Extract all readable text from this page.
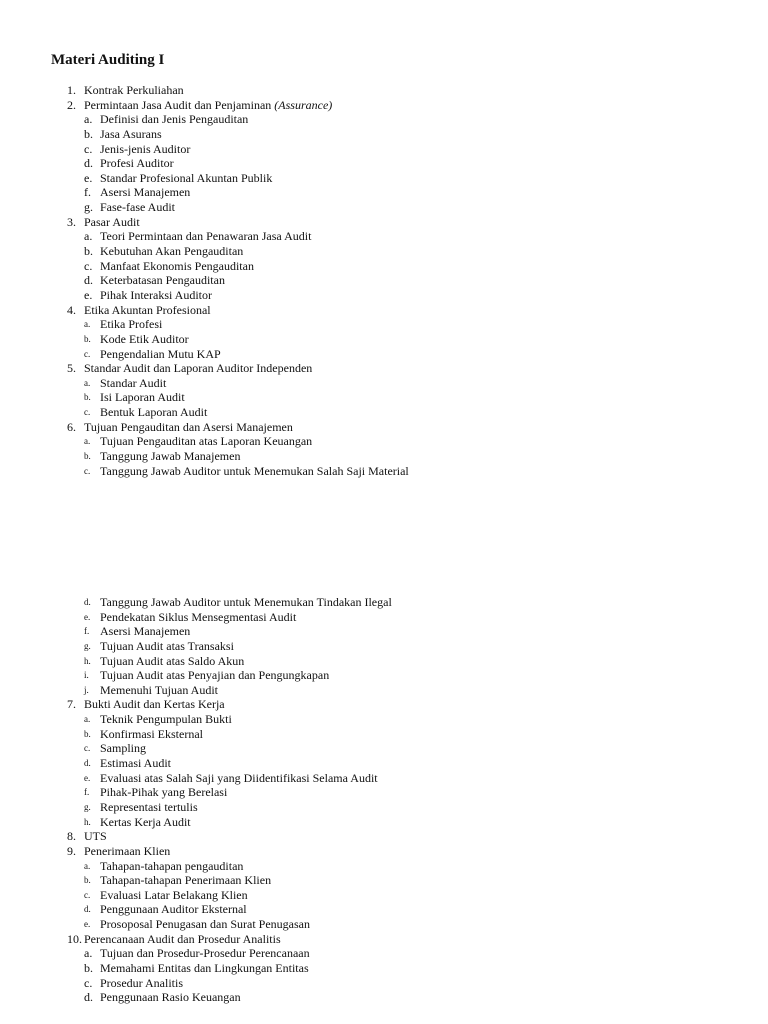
Materi Auditing I
1. Kontrak Perkuliahan
2. Permintaan Jasa Audit dan Penjaminan (Assurance)
a. Definisi dan Jenis Pengauditan
b. Jasa Asurans
c. Jenis-jenis Auditor
d. Profesi Auditor
e. Standar Profesional Akuntan Publik
f. Asersi Manajemen
g. Fase-fase Audit
3. Pasar Audit
a. Teori Permintaan dan Penawaran Jasa Audit
b. Kebutuhan Akan Pengauditan
c. Manfaat Ekonomis Pengauditan
d. Keterbatasan Pengauditan
e. Pihak Interaksi Auditor
4. Etika Akuntan Profesional
a. Etika Profesi
b. Kode Etik Auditor
c. Pengendalian Mutu KAP
5. Standar Audit dan Laporan Auditor Independen
a. Standar Audit
b. Isi Laporan Audit
c. Bentuk Laporan Audit
6. Tujuan Pengauditan dan Asersi Manajemen
a. Tujuan Pengauditan atas Laporan Keuangan
b. Tanggung Jawab Manajemen
c. Tanggung Jawab Auditor untuk Menemukan Salah Saji Material
d. Tanggung Jawab Auditor untuk Menemukan Tindakan Ilegal
e. Pendekatan Siklus Mensegmentasi Audit
f. Asersi Manajemen
g. Tujuan Audit atas Transaksi
h. Tujuan Audit atas Saldo Akun
i. Tujuan Audit atas Penyajian dan Pengungkapan
j. Memenuhi Tujuan Audit
7. Bukti Audit dan Kertas Kerja
a. Teknik Pengumpulan Bukti
b. Konfirmasi Eksternal
c. Sampling
d. Estimasi Audit
e. Evaluasi atas Salah Saji yang Diidentifikasi Selama Audit
f. Pihak-Pihak yang Berelasi
g. Representasi tertulis
h. Kertas Kerja Audit
8. UTS
9. Penerimaan Klien
a. Tahapan-tahapan pengauditan
b. Tahapan-tahapan Penerimaan Klien
c. Evaluasi Latar Belakang Klien
d. Penggunaan Auditor Eksternal
e. Prosoposal Penugasan dan Surat Penugasan
10. Perencanaan Audit dan Prosedur Analitis
a. Tujuan dan Prosedur-Prosedur Perencanaan
b. Memahami Entitas dan Lingkungan Entitas
c. Prosedur Analitis
d. Penggunaan Rasio Keuangan
